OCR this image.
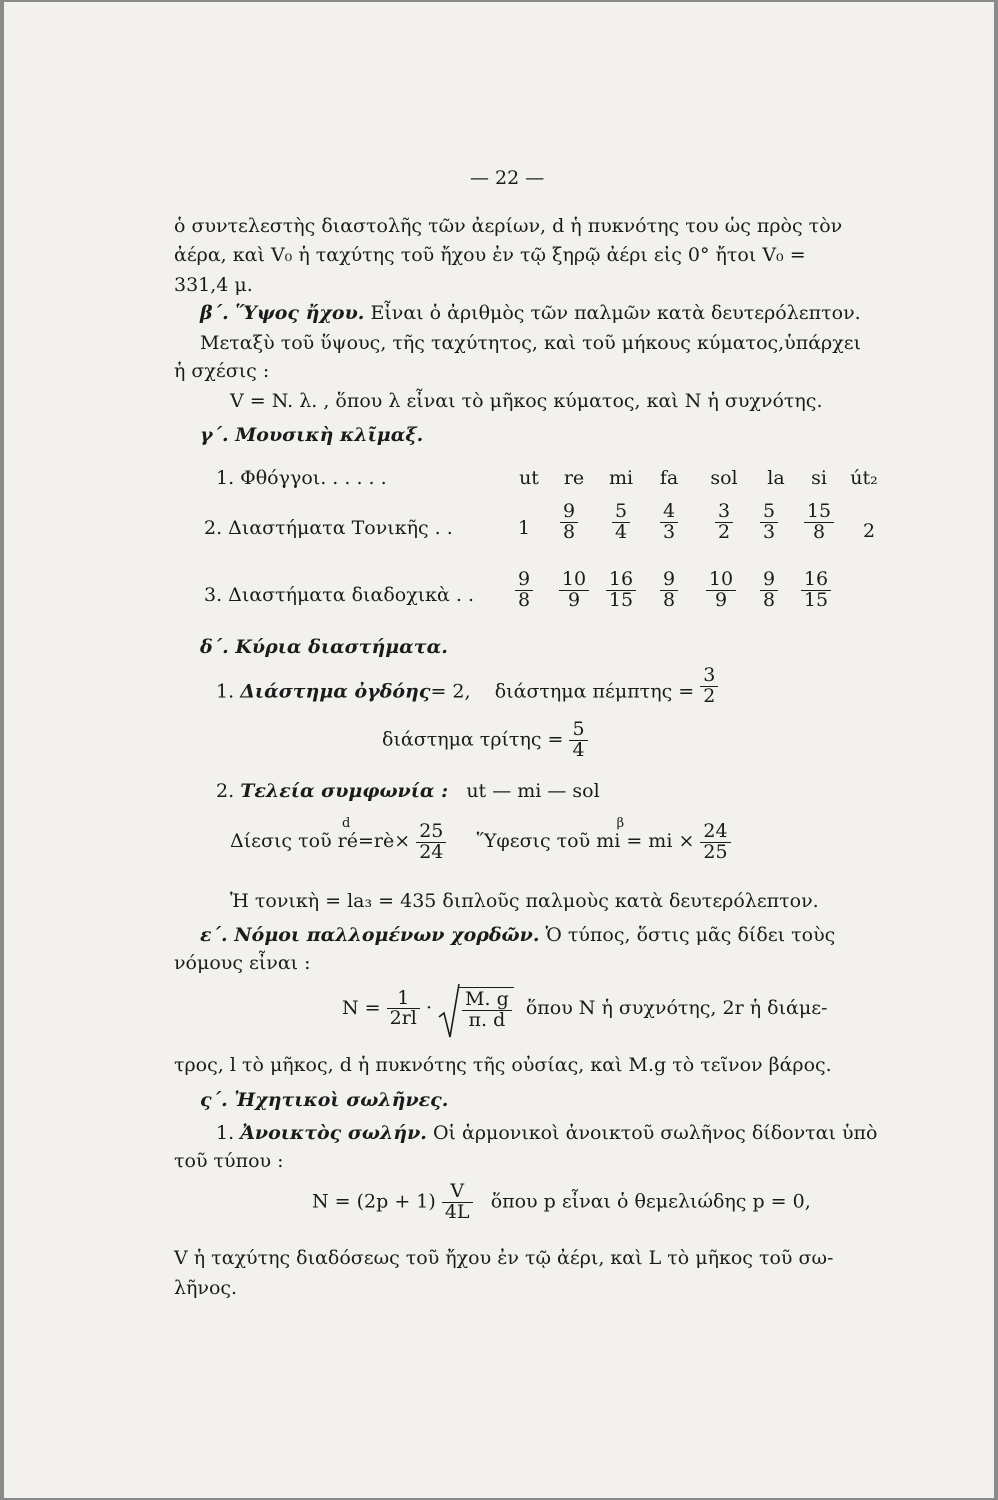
— 22 —
ὁ συντελεστὴς διαστολῆς τῶν ἀερίων, d ἡ πυκνότης του ὡς πρὸς τὸν
ἀέρα, καὶ V₀ ἡ ταχύτης τοῦ ἤχου ἐν τῷ ξηρῷ ἀέρι εἰς 0° ἤτοι V₀ =
331,4 μ.
β΄. Ὕψος ἤχου. Εἶναι ὁ ἀριθμὸς τῶν παλμῶν κατὰ δευτερόλεπτον.
Μεταξὺ τοῦ ὕψους, τῆς ταχύτητος, καὶ τοῦ μήκους κύματος,ὑπάρχει
ἡ σχέσις :
V = N. λ. , ὅπου λ εἶναι τὸ μῆκος κύματος, καὶ N ἡ συχνότης.
γ΄. Μουσικὴ κλῖμαξ.
1. Φθόγγοι. . . . . .	ut	re	mi	fa	sol	la	si	út₂
2. Διαστήματα Τονικῆς . .	1	$\frac{9}{8} \frac{5}{4} \frac{4}{3} \frac{3}{2} \frac{5}{3} \frac{15}{8}$	2
3. Διαστήματα διαδοχικὰ . . $\frac{9}{8} \frac{10}{9} \frac{16}{15} \frac{9}{8} \frac{10}{9} \frac{9}{8} \frac{16}{15}$
δ΄. Κύρια διαστήματα.
1. Διάστημα ὀγδόης= 2, διάστημα $\pi έ\mu\pi\tau\eta\varsigma = \frac{3}{2}$
διάστημα $\tau\rho ί\tau\eta\varsigma = \frac{5}{4}$
2. Τελεία συμφωνία : ut — mi — sol
Δίεσις τοῦ ré=rè×
d	$\frac{25}{24}$ Ὕφεσις τοῦ mi = mi ×
β	$\frac{24}{25}$
Ἡ τονικὴ = la₃ = 435 διπλοῦς παλμοὺς κατὰ δευτερόλεπτον.
ε΄. Νόμοι παλλομένων χορδῶν. Ὁ τύπος, ὅστις μᾶς δίδει τοὺς
νόμους εἶναι :
$N = \frac{1}{2rl} \cdot \frac{M. g}{\pi. d}$ ὅπου N ἡ συχνότης, 2r ἡ διάμε-
τρος, l τὸ μῆκος, d ἡ πυκνότης τῆς οὐσίας, καὶ M.g τὸ τεῖνον βάρος.
ς΄. Ἠχητικοὶ σωλῆνες.
1. Ἀνοικτὸς σωλήν. Οἱ ἁρμονικοὶ ἀνοικτοῦ σωλῆνος δίδονται ὑπὸ
τοῦ τύπου :
$N = (2p + 1) \frac{V}{4L}$ ὅπου p εἶναι ὁ θεμελιώδης p = 0,
V ἡ ταχύτης διαδόσεως τοῦ ἤχου ἐν τῷ ἀέρι, καὶ L τὸ μῆκος τοῦ σω-
λῆνος.
